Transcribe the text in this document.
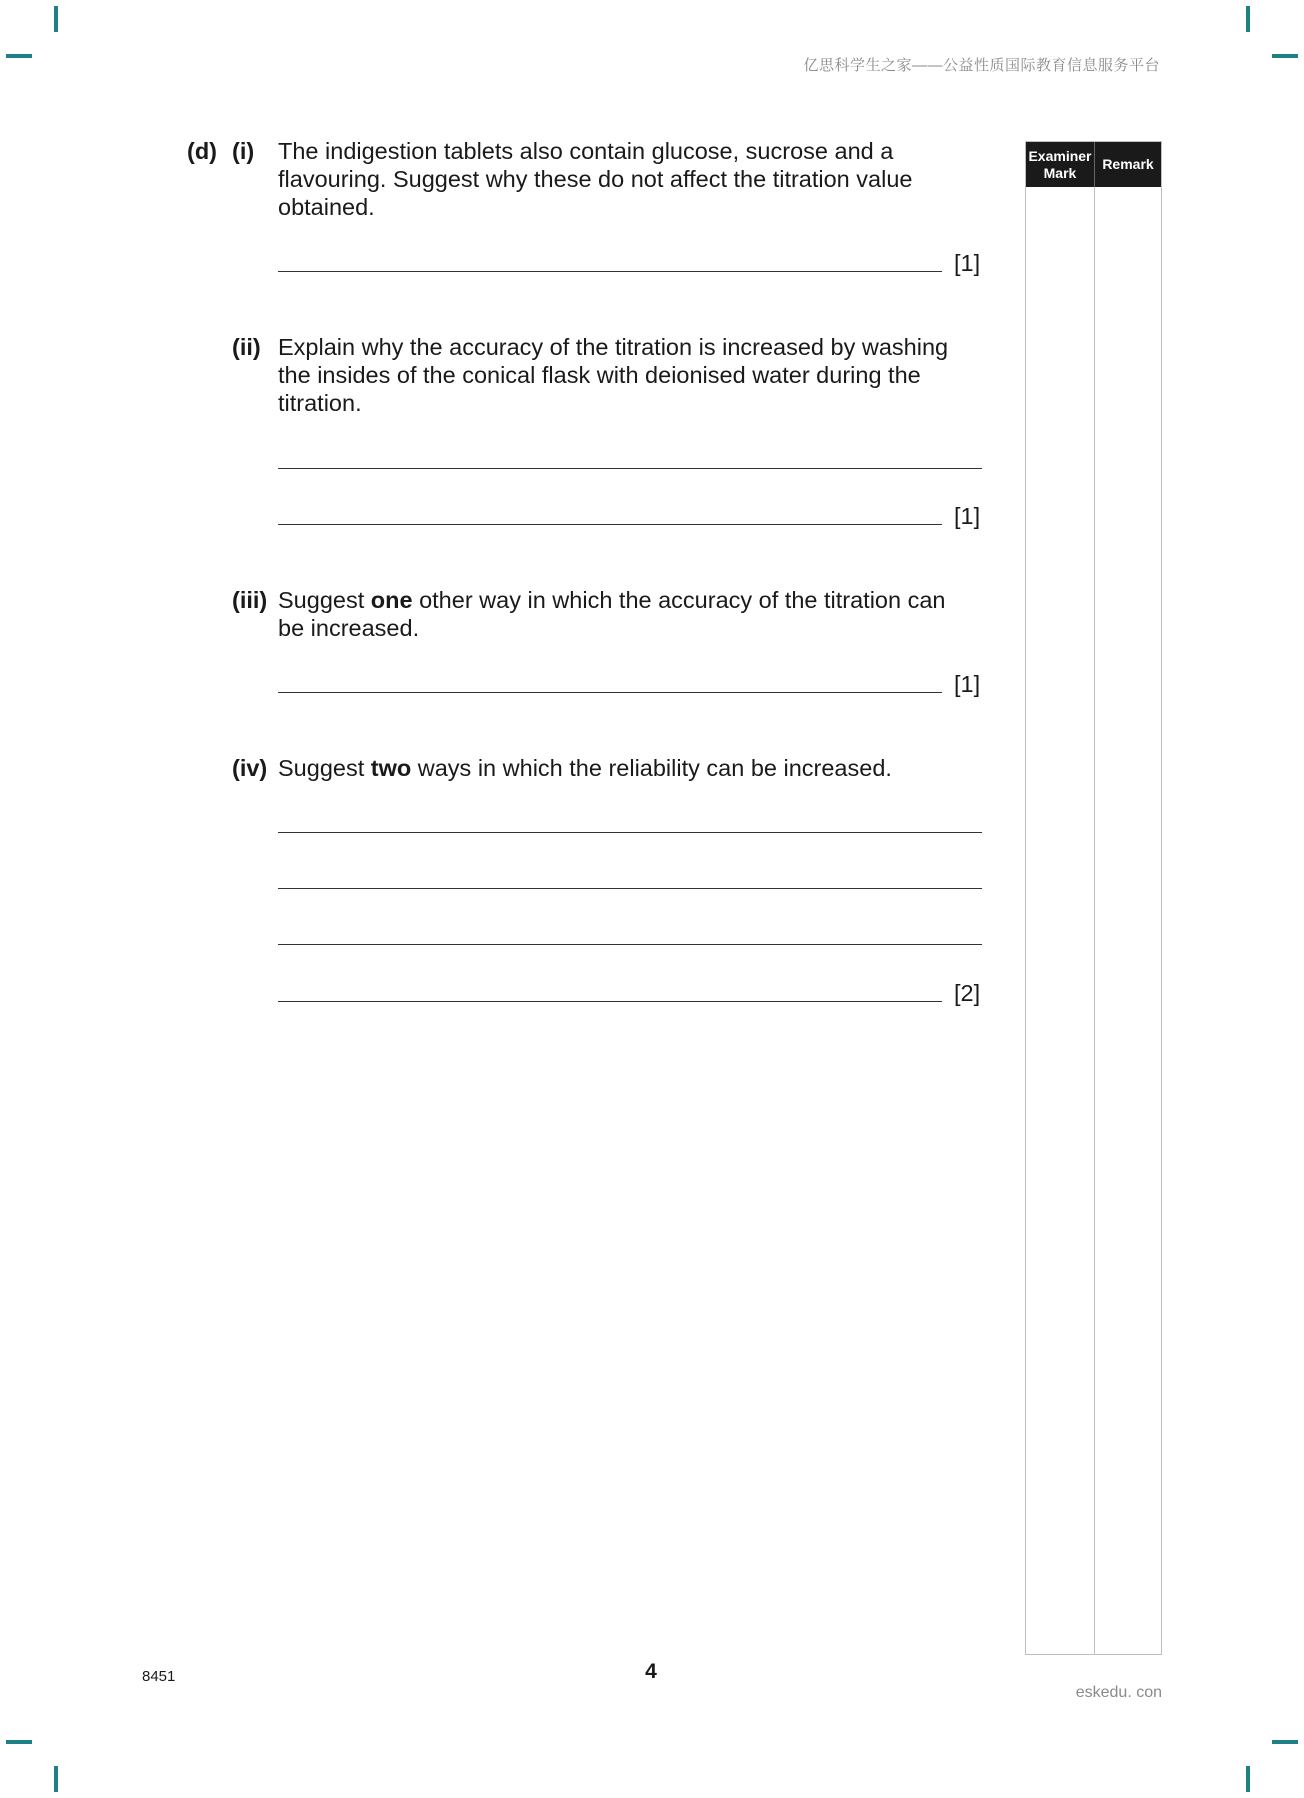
亿思科学生之家——公益性质国际教育信息服务平台
(d) (i) The indigestion tablets also contain glucose, sucrose and a flavouring. Suggest why these do not affect the titration value obtained.
[1]
(ii) Explain why the accuracy of the titration is increased by washing the insides of the conical flask with deionised water during the titration.
[1]
(iii) Suggest one other way in which the accuracy of the titration can be increased.
[1]
(iv) Suggest two ways in which the reliability can be increased.
[2]
Examiner
Mark
Remark
8451	4
eskedu. con
